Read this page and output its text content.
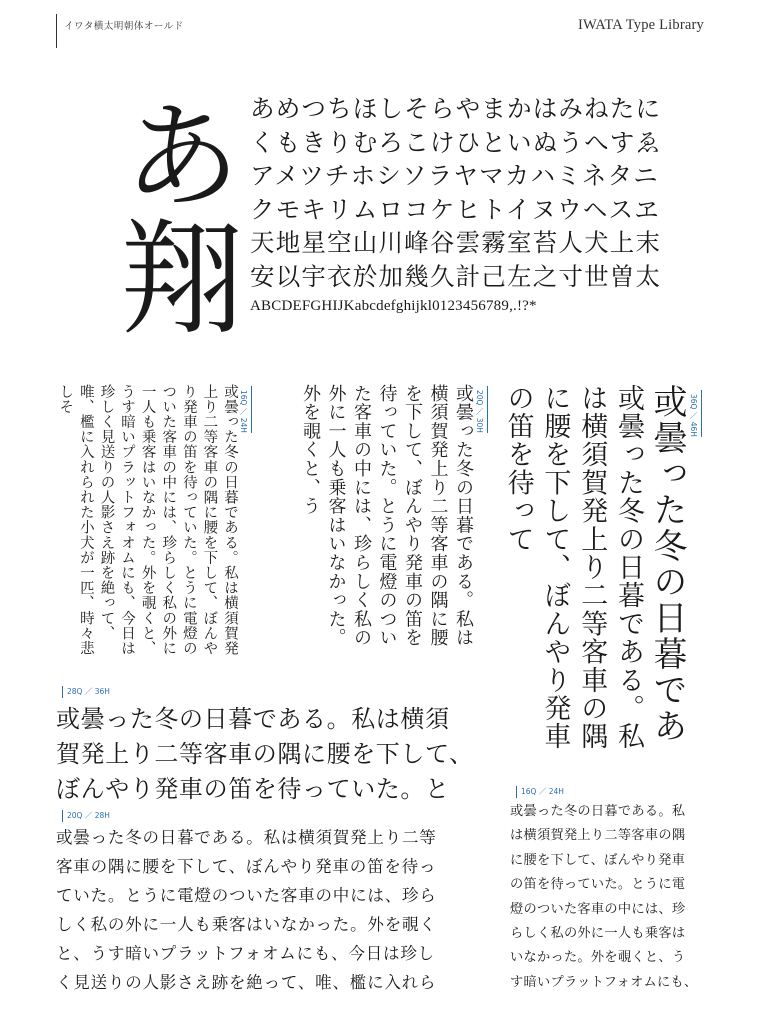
イワタ横太明朝体オールド	IWATA Type Library
あ
翔
あめつちほしそらやまかはみねたに
くもきりむろこけひといぬうへすゑ
アメツチホシソラヤマカハミネタニ
クモキリムロコケヒトイヌウヘスヱ
天地星空山川峰谷雲霧室苔人犬上末
安以宇衣於加幾久計己左之寸世曽太
ABCDEFGHIJKabcdefghijkl0123456789,.!?*
16Q ／ 24H
或曇った冬の日暮である。私は横須賀発上り二等客車の隅に腰を下して、ぼんやり発車の笛を待っていた。とうに電燈のついた客車の中には、珍らしく私の外に一人も乗客はいなかった。外を覗くと、うす暗いプラットフォオムにも、今日は珍しく見送りの人影さえ跡を絶って、唯、檻に入れられた小犬が一匹、時々悲しそ	20Q ／ 30H
或曇った冬の日暮である。私は横須賀発上り二等客車の隅に腰を下して、ぼんやり発車の笛を待っていた。とうに電燈のついた客車の中には、珍らしく私の外に一人も乗客はいなかった。外を覗くと、う	或曇った冬の日暮である。私は横須賀発上り二等客車の隅に腰を下して、ぼんやり発車の笛を待って	36Q ／ 46H
或曇った冬の日暮であ
28Q ／ 36H
或曇った冬の日暮である。私は横須
賀発上り二等客車の隅に腰を下して、
ぼんやり発車の笛を待っていた。と
20Q ／ 28H
或曇った冬の日暮である。私は横須賀発上り二等
客車の隅に腰を下して、ぼんやり発車の笛を待っ
ていた。とうに電燈のついた客車の中には、珍ら
しく私の外に一人も乗客はいなかった。外を覗く
と、うす暗いプラットフォオムにも、今日は珍し
く見送りの人影さえ跡を絶って、唯、檻に入れら
16Q ／ 24H
或曇った冬の日暮である。私
は横須賀発上り二等客車の隅
に腰を下して、ぼんやり発車
の笛を待っていた。とうに電
燈のついた客車の中には、珍
らしく私の外に一人も乗客は
いなかった。外を覗くと、う
す暗いプラットフォオムにも、
